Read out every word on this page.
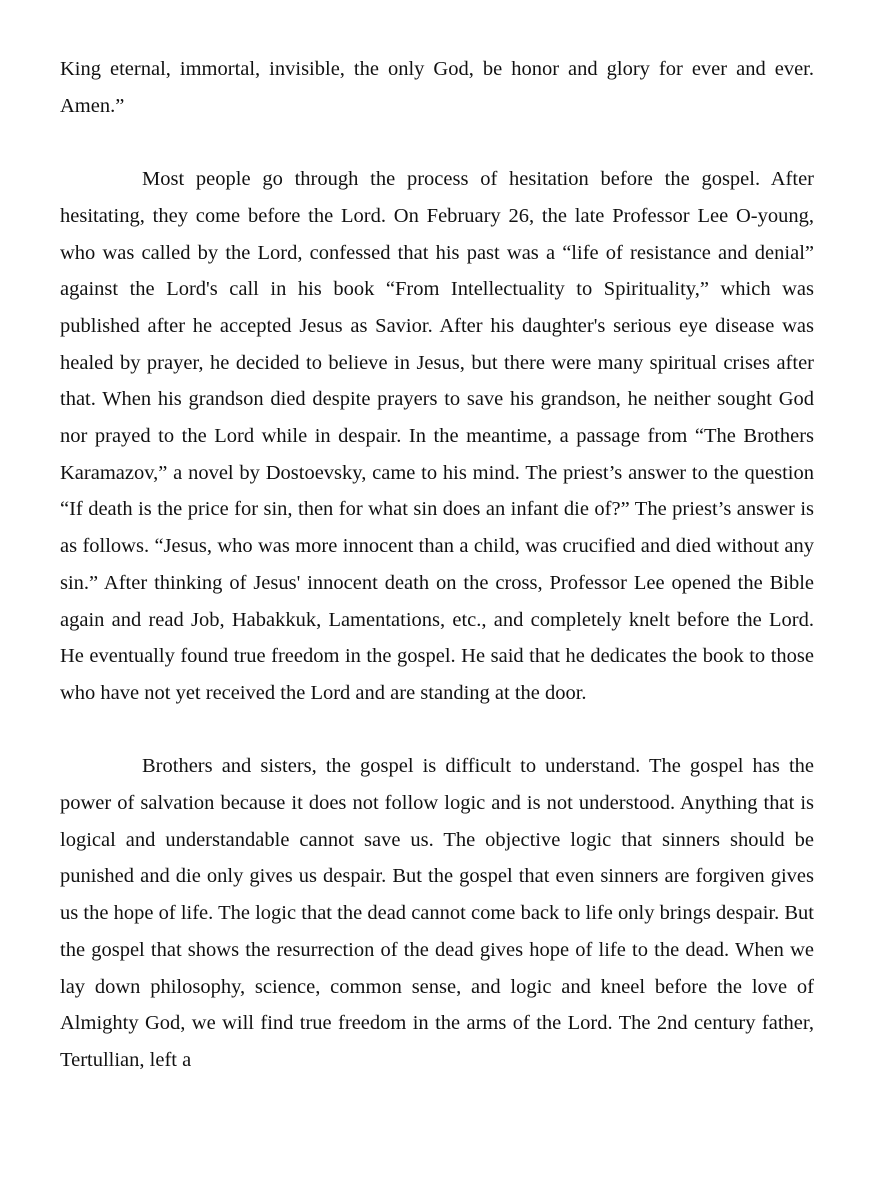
King eternal, immortal, invisible, the only God, be honor and glory for ever and ever. Amen.”

Most people go through the process of hesitation before the gospel. After hesitating, they come before the Lord. On February 26, the late Professor Lee O-young, who was called by the Lord, confessed that his past was a “life of resistance and denial” against the Lord's call in his book “From Intellectuality to Spirituality,” which was published after he accepted Jesus as Savior. After his daughter's serious eye disease was healed by prayer, he decided to believe in Jesus, but there were many spiritual crises after that. When his grandson died despite prayers to save his grandson, he neither sought God nor prayed to the Lord while in despair. In the meantime, a passage from “The Brothers Karamazov,” a novel by Dostoevsky, came to his mind. The priest’s answer to the question “If death is the price for sin, then for what sin does an infant die of?” The priest’s answer is as follows. “Jesus, who was more innocent than a child, was crucified and died without any sin.” After thinking of Jesus' innocent death on the cross, Professor Lee opened the Bible again and read Job, Habakkuk, Lamentations, etc., and completely knelt before the Lord. He eventually found true freedom in the gospel. He said that he dedicates the book to those who have not yet received the Lord and are standing at the door.

Brothers and sisters, the gospel is difficult to understand. The gospel has the power of salvation because it does not follow logic and is not understood. Anything that is logical and understandable cannot save us. The objective logic that sinners should be punished and die only gives us despair. But the gospel that even sinners are forgiven gives us the hope of life. The logic that the dead cannot come back to life only brings despair. But the gospel that shows the resurrection of the dead gives hope of life to the dead. When we lay down philosophy, science, common sense, and logic and kneel before the love of Almighty God, we will find true freedom in the arms of the Lord. The 2nd century father, Tertullian, left a
